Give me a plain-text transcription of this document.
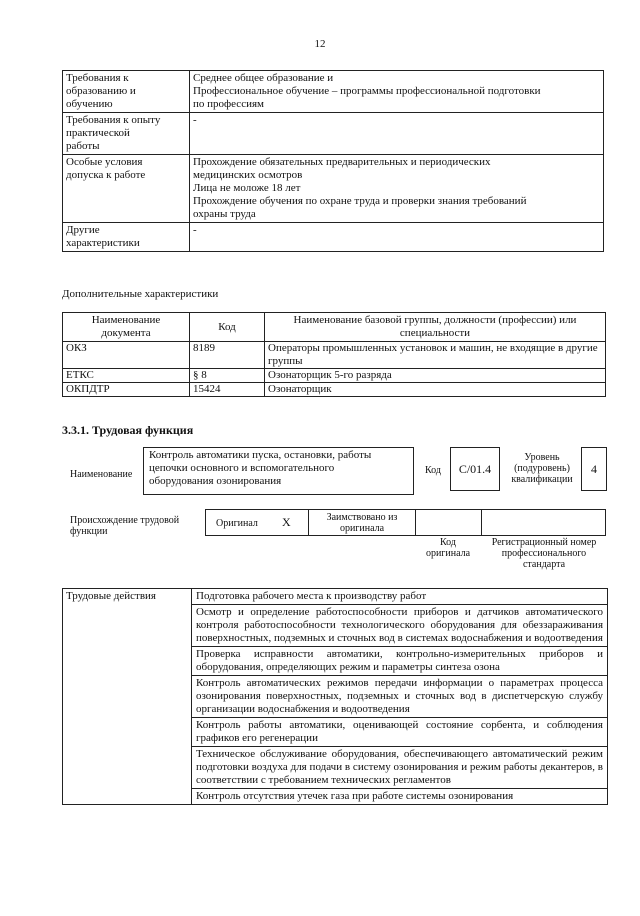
12
Требования к
образованию и
обучению	Среднее общее образование и
Профессиональное обучение – программы профессиональной подготовки
по профессиям

Требования к опыту
практической
работы	-

Особые условия
допуска к работе	Прохождение обязательных предварительных и периодических
медицинских осмотров
Лица не моложе 18 лет
Прохождение обучения по охране труда и проверки знания требований
охраны труда

Другие
характеристики	-
Дополнительные характеристики
Наименование документа	Код	Наименование базовой группы, должности (профессии) или специальности
ОКЗ	8189	Операторы промышленных установок и машин, не входящие в другие группы
ЕТКС	§ 8	Озонаторщик 5-го разряда
ОКПДТР	15424	Озонаторщик
3.3.1. Трудовая функция
Наименование
Контроль автоматики пуска, остановки, работы
цепочки основного и вспомогательного
оборудования озонирования
Код	C/01.4
Уровень
(подуровень)
квалификации
4
Происхождение трудовой
функции
Оригинал X	Заимствовано из
оригинала
Код
оригинала
Регистрационный номер
профессионального
стандарта
Трудовые действия	Подготовка рабочего места к производству работ
Осмотр и определение работоспособности приборов и датчиков автоматического контроля работоспособности технологического оборудования для обеззараживания поверхностных, подземных и сточных вод в системах водоснабжения и водоотведения
Проверка исправности автоматики, контрольно-измерительных приборов и оборудования, определяющих режим и параметры синтеза озона
Контроль автоматических режимов передачи информации о параметрах процесса озонирования поверхностных, подземных и сточных вод в диспетчерскую службу организации водоснабжения и водоотведения
Контроль работы автоматики, оценивающей состояние сорбента, и соблюдения графиков его регенерации
Техническое обслуживание оборудования, обеспечивающего автоматический режим подготовки воздуха для подачи в систему озонирования и режим работы декантеров, в соответствии с требованием технических регламентов
Контроль отсутствия утечек газа при работе системы озонирования
